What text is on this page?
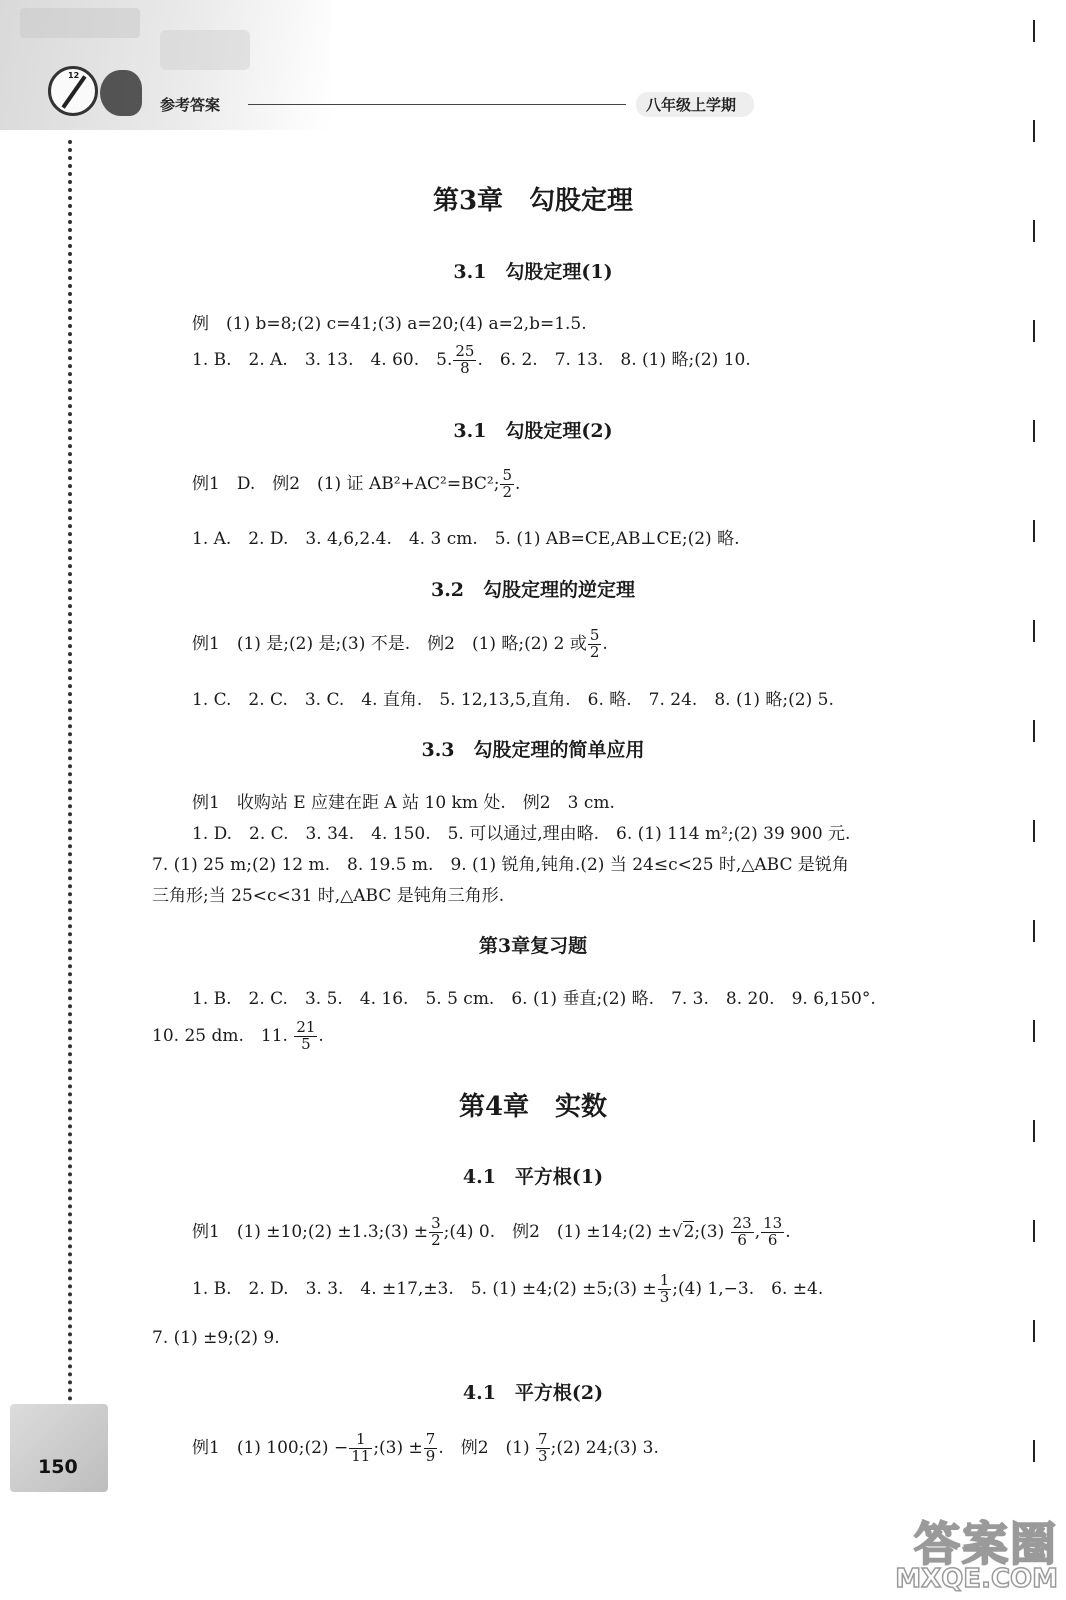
12
参考答案	八年级上学期
150
第3章　勾股定理
3.1　勾股定理(1)
例　(1) b=8;(2) c=41;(3) a=20;(4) a=2,b=1.5.
1. B.　2. A.　3. 13.　4. 60.　5. $\frac{25}{8}$ .　6. 2.　7. 13.　8. (1) 略;(2) 10.
3.1　勾股定理(2)
例1　D.　例2　(1) 证 AB²+AC²=BC²; $\frac{5}{2}$ .
1. A.　2. D.　3. 4,6,2.4.　4. 3 cm.　5. (1) AB=CE,AB⊥CE;(2) 略.
3.2　勾股定理的逆定理
例1　(1) 是;(2) 是;(3) 不是.　例2　(1) 略;(2) 2 或 $\frac{5}{2}$ .
1. C.　2. C.　3. C.　4. 直角.　5. 12,13,5,直角.　6. 略.　7. 24.　8. (1) 略;(2) 5.
3.3　勾股定理的简单应用
例1　收购站 E 应建在距 A 站 10 km 处.　例2　3 cm.
1. D.　2. C.　3. 34.　4. 150.　5. 可以通过,理由略.　6. (1) 114 m²;(2) 39 900 元.
7. (1) 25 m;(2) 12 m.　8. 19.5 m.　9. (1) 锐角,钝角.(2) 当 24≤c<25 时,△ABC 是锐角
三角形;当 25<c<31 时,△ABC 是钝角三角形.
第3章复习题
1. B.　2. C.　3. 5.　4. 16.　5. 5 cm.　6. (1) 垂直;(2) 略.　7. 3.　8. 20.　9. 6,150°.
10. 25 dm.　11. $\frac{21}{5}$ .
第4章　实数
4.1　平方根(1)
例1　(1) ±10;(2) ±1.3;(3) ± $\frac{3}{2}$ ;(4) 0.　例2　(1) ±14;(2) ±√2;(3) $\frac{23}{6}$ , $\frac{13}{6}$ .
1. B.　2. D.　3. 3.　4. ±17,±3.　5. (1) ±4;(2) ±5;(3) ± $\frac{1}{3}$ ;(4) 1,−3.　6. ±4.
7. (1) ±9;(2) 9.
4.1　平方根(2)
例1　(1) 100;(2) − $\frac{1}{11}$ ;(3) ± $\frac{7}{9}$ .　例2　$(1) \frac{7}{3}$ ;(2) 24;(3) 3.
答案圈
MXQE.COM
